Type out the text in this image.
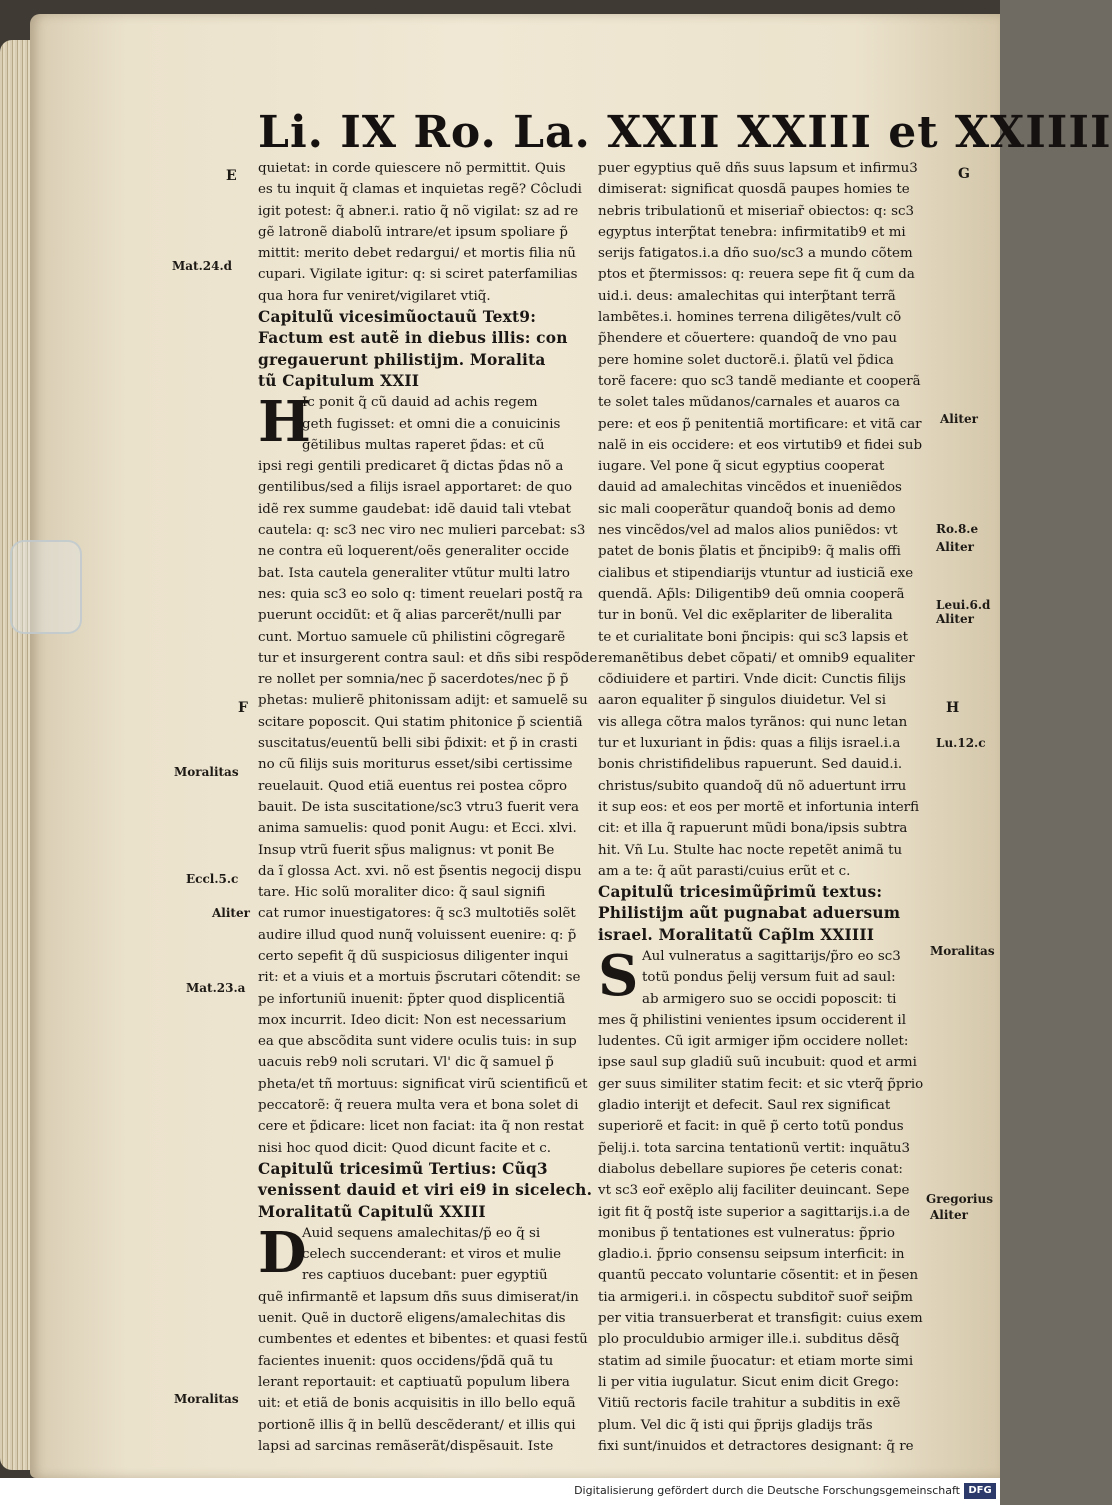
Li. IX Ro. La. XXII XXIII et XXIIII
quietat: in corde quiescere nõ permittit. Quis
es tu inquit q̃ clamas et inquietas regẽ? Côcludi
igit potest: q̃ abner.i. ratio q̃ nõ vigilat: sz ad re
gẽ latronẽ diabolũ intrare/et ipsum spoliare p̃
mittit: merito debet redargui/ et mortis filia nũ
cupari. Vigilate igitur: q: si sciret paterfamilias
qua hora fur veniret/vigilaret vtiq̃.
Capitulũ vicesimũoctauũ Text9:
Factum est autẽ in diebus illis: con
gregauerunt philistijm. Moralita
tũ Capitulum XXII
H
Ic ponit q̃ cũ dauid ad achis regem
geth fugisset: et omni die a conuicinis
gẽtilibus multas raperet p̃das: et cũ
ipsi regi gentili predicaret q̃ dictas p̃das nõ a
gentilibus/sed a filijs israel apportaret: de quo
idẽ rex summe gaudebat: idẽ dauid tali vtebat
cautela: q: sc3 nec viro nec mulieri parcebat: s3
ne contra eũ loquerent/oẽs generaliter occide
bat. Ista cautela generaliter vtũtur multi latro
nes: quia sc3 eo solo q: timent reuelari postq̃ ra
puerunt occidũt: et q̃ alias parcerẽt/nulli par
cunt. Mortuo samuele cũ philistini cõgregarẽ
tur et insurgerent contra saul: et dñs sibi respõde
re nollet per somnia/nec p̃ sacerdotes/nec p̃ p̃
phetas: mulierẽ phitonissam adijt: et samuelẽ su
scitare poposcit. Qui statim phitonice p̃ scientiã
suscitatus/euentũ belli sibi p̃dixit: et p̃ in crasti
no cũ filijs suis moriturus esset/sibi certissime
reuelauit. Quod etiã euentus rei postea cõpro
bauit. De ista suscitatione/sc3 vtru3 fuerit vera
anima samuelis: quod ponit Augu: et Ecci. xlvi.
Insup vtrũ fuerit sp̃us malignus: vt ponit Be
da ĩ glossa Act. xvi. nõ est p̃sentis negocij dispu
tare. Hic solũ moraliter dico: q̃ saul signifi
cat rumor inuestigatores: q̃ sc3 multotiẽs solẽt
audire illud quod nunq̃ voluissent euenire: q: p̃
certo sepefit q̃ dũ suspiciosus diligenter inqui
rit: et a viuis et a mortuis p̃scrutari cõtendit: se
pe infortuniũ inuenit: p̃pter quod displicentiã
mox incurrit. Ideo dicit: Non est necessarium
ea que abscõdita sunt videre oculis tuis: in sup
uacuis reb9 noli scrutari. Vl' dic q̃ samuel p̃
pheta/et tñ mortuus: significat virũ scientificũ et
peccatorẽ: q̃ reuera multa vera et bona solet di
cere et p̃dicare: licet non faciat: ita q̃ non restat
nisi hoc quod dicit: Quod dicunt facite et c.
Capitulũ tricesimũ Tertius: Cũq3
venissent dauid et viri ei9 in sicelech.
Moralitatũ Capitulũ XXIII
D
Auid sequens amalechitas/p̃ eo q̃ si
celech succenderant: et viros et mulie
res captiuos ducebant: puer egyptiũ
quẽ infirmantẽ et lapsum dñs suus dimiserat/in
uenit. Quẽ in ductorẽ eligens/amalechitas dis
cumbentes et edentes et bibentes: et quasi festũ
facientes inuenit: quos occidens/p̃dã quã tu
lerant reportauit: et captiuatũ populum libera
uit: et etiã de bonis acquisitis in illo bello equã
portionẽ illis q̃ in bellũ descẽderant/ et illis qui
lapsi ad sarcinas remãserãt/dispẽsauit. Iste
puer egyptius quẽ dñs suus lapsum et infirmu3
dimiserat: significat quosdã paupes homies te
nebris tribulationũ et miseriar̃ obiectos: q: sc3
egyptus interp̃tat tenebra: infirmitatib9 et mi
serijs fatigatos.i.a dño suo/sc3 a mundo cõtem
ptos et p̃termissos: q: reuera sepe fit q̃ cum da
uid.i. deus: amalechitas qui interp̃tant terrã
lambẽtes.i. homines terrena diligẽtes/vult cõ
p̃hendere et cõuertere: quandoq̃ de vno pau
pere homine solet ductorẽ.i. p̃latũ vel p̃dica
torẽ facere: quo sc3 tandẽ mediante et cooperã
te solet tales mũdanos/carnales et auaros ca
pere: et eos p̃ penitentiã mortificare: et vitã car
nalẽ in eis occidere: et eos virtutib9 et fidei sub
iugare. Vel pone q̃ sicut egyptius cooperat
dauid ad amalechitas vincẽdos et inueniẽdos
sic mali cooperãtur quandoq̃ bonis ad demo
nes vincẽdos/vel ad malos alios puniẽdos: vt
patet de bonis p̃latis et p̃ncipib9: q̃ malis offi
cialibus et stipendiarijs vtuntur ad iusticiã exe
quendã. Ap̃ls: Diligentib9 deũ omnia cooperã
tur in bonũ. Vel dic exẽplariter de liberalita
te et curialitate boni p̃ncipis: qui sc3 lapsis et
remanẽtibus debet cõpati/ et omnib9 equaliter
cõdiuidere et partiri. Vnde dicit: Cunctis filijs
aaron equaliter p̃ singulos diuidetur. Vel si
vis allega cõtra malos tyrãnos: qui nunc letan
tur et luxuriant in p̃dis: quas a filijs israel.i.a
bonis christifidelibus rapuerunt. Sed dauid.i.
christus/subito quandoq̃ dũ nõ aduertunt irru
it sup eos: et eos per mortẽ et infortunia interfi
cit: et illa q̃ rapuerunt mũdi bona/ipsis subtra
hit. Vñ Lu. Stulte hac nocte repetẽt animã tu
am a te: q̃ aũt parasti/cuius erũt et c.
Capitulũ tricesimũp̃rimũ textus:
Philistijm aũt pugnabat aduersum
israel. Moralitatũ Cap̃lm XXIIII
S Aul vulneratus a sagittarijs/p̃ro eo sc3
totũ pondus p̃elij versum fuit ad saul:
ab armigero suo se occidi poposcit: ti
mes q̃ philistini venientes ipsum occiderent il
ludentes. Cũ igit armiger ip̃m occidere nollet:
ipse saul sup gladiũ suũ incubuit: quod et armi
ger suus similiter statim fecit: et sic vterq̃ p̃prio
gladio interijt et defecit. Saul rex significat
superiorẽ et facit: in quẽ p̃ certo totũ pondus
p̃elij.i. tota sarcina tentationũ vertit: inquãtu3
diabolus debellare supiores p̃e ceteris conat:
vt sc3 eor̃ exẽplo alij faciliter deuincant. Sepe
igit fit q̃ postq̃ iste superior a sagittarijs.i.a de
monibus p̃ tentationes est vulneratus: p̃prio
gladio.i. p̃prio consensu seipsum interficit: in
quantũ peccato voluntarie cõsentit: et in p̃esen
tia armigeri.i. in cõspectu subditor̃ suor̃ seip̃m
per vitia transuerberat et transfigit: cuius exem
plo proculdubio armiger ille.i. subditus dẽsq̃
statim ad simile p̃uocatur: et etiam morte simi
li per vitia iugulatur. Sicut enim dicit Grego:
Vitiũ rectoris facile trahitur a subditis in exẽ
plum. Vel dic q̃ isti qui p̃prijs gladijs trãs
fixi sunt/inuidos et detractores designant: q̃ re
E
Mat.24.d
F
Moralitas
Eccl.5.c
Aliter
Mat.23.a
Moralitas
G
Aliter
Ro.8.e
Aliter
Leui.6.d
Aliter
H
Lu.12.c
Moralitas
Gregorius
Aliter
Digitalisierung gefördert durch die Deutsche Forschungsgemeinschaft DFG
